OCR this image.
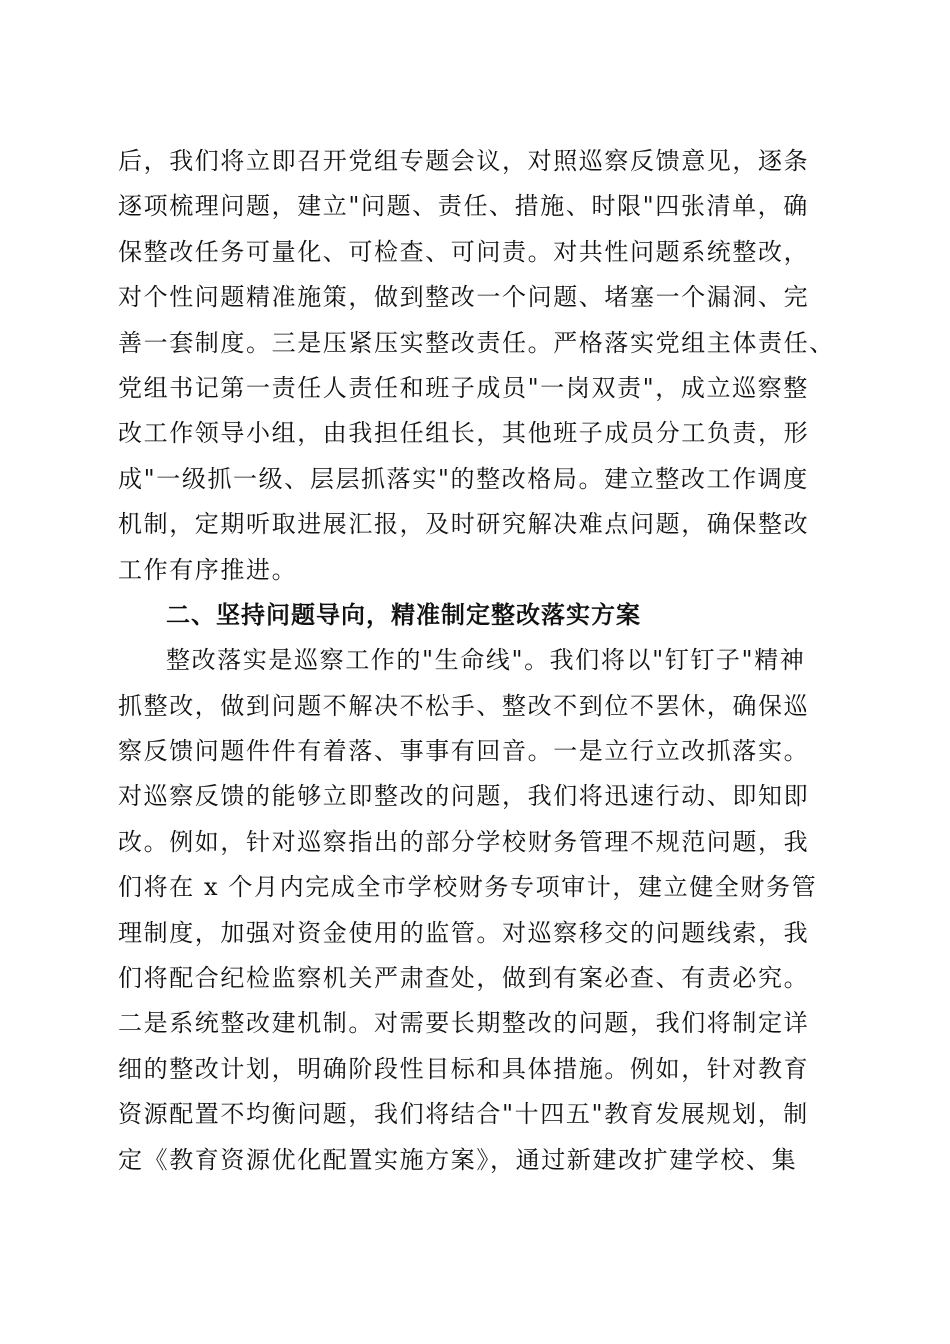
后，我们将立即召开党组专题会议，对照巡察反馈意见，逐条
逐项梳理问题，建立"问题、责任、措施、时限"四张清单，确
保整改任务可量化、可检查、可问责。对共性问题系统整改，
对个性问题精准施策，做到整改一个问题、堵塞一个漏洞、完
善一套制度。三是压紧压实整改责任。严格落实党组主体责任、
党组书记第一责任人责任和班子成员"一岗双责"，成立巡察整
改工作领导小组，由我担任组长，其他班子成员分工负责，形
成"一级抓一级、层层抓落实"的整改格局。建立整改工作调度
机制，定期听取进展汇报，及时研究解决难点问题，确保整改
工作有序推进。
二、坚持问题导向，精准制定整改落实方案
整改落实是巡察工作的"生命线"。我们将以"钉钉子"精神
抓整改，做到问题不解决不松手、整改不到位不罢休，确保巡
察反馈问题件件有着落、事事有回音。一是立行立改抓落实。
对巡察反馈的能够立即整改的问题，我们将迅速行动、即知即
改。例如，针对巡察指出的部分学校财务管理不规范问题，我
们将在 x 个月内完成全市学校财务专项审计，建立健全财务管
理制度，加强对资金使用的监管。对巡察移交的问题线索，我
们将配合纪检监察机关严肃查处，做到有案必查、有责必究。
二是系统整改建机制。对需要长期整改的问题，我们将制定详
细的整改计划，明确阶段性目标和具体措施。例如，针对教育
资源配置不均衡问题，我们将结合"十四五"教育发展规划，制
定《教育资源优化配置实施方案》，通过新建改扩建学校、集
